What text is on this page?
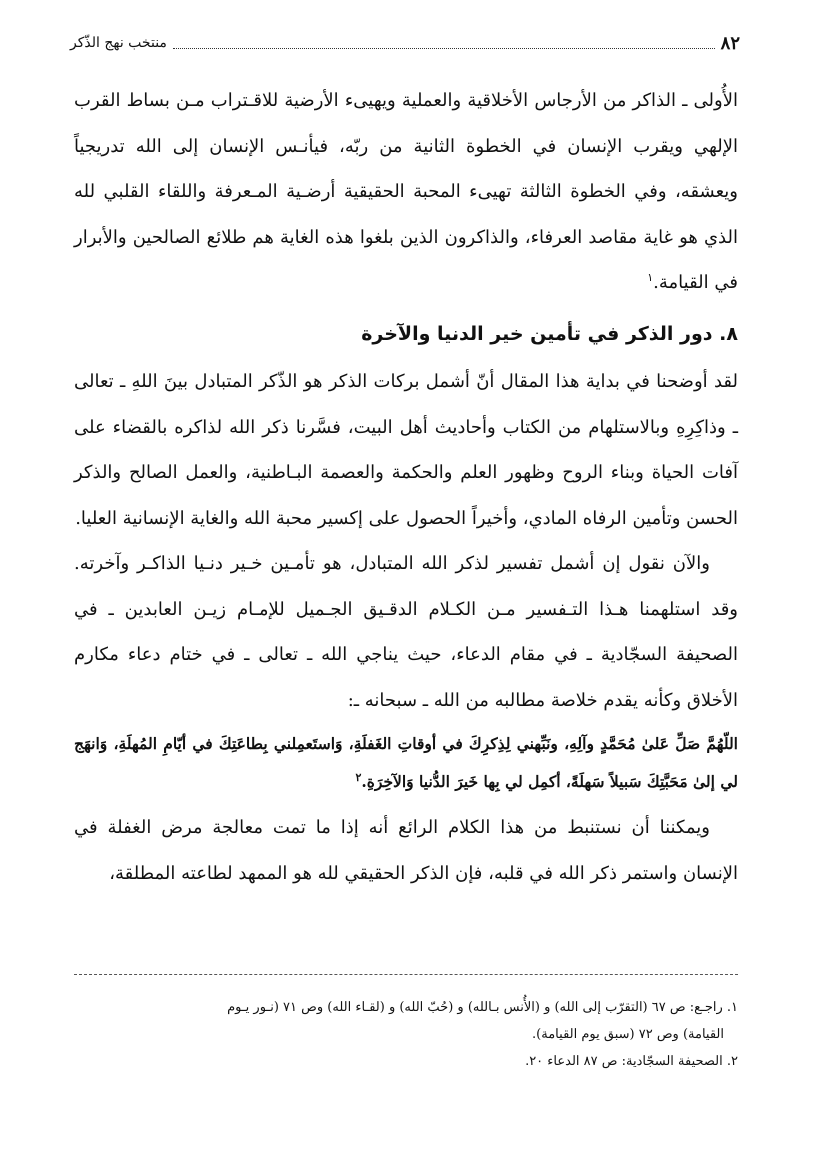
٨٢
منتخب نهج الذّكر

الأُولى ـ الذاكر من الأرجاس الأخلاقية والعملية ويهيىء الأرضية للاقـتراب مـن بساط القرب الإلهي ويقرب الإنسان في الخطوة الثانية من ربّه، فيأنـس الإنسان إلى الله تدريجياً ويعشقه، وفي الخطوة الثالثة تهيىء المحبة الحقيقية أرضـية المـعرفة واللقاء القلبي لله الذي هو غاية مقاصد العرفاء، والذاكرون الذين بلغوا هذه الغاية هم طلائع الصالحين والأبرار في القيامة.$^١$

٨. دور الذكر في تأمين خير الدنيا والآخرة

لقد أوضحنا في بداية هذا المقال أنّ أشمل بركات الذكر هو الذّكر المتبادل بينَ اللهِ ـ تعالى ـ وذاكِرِهِ وبالاستلهام من الكتاب وأحاديث أهل البيت، فسَّرنا ذكر الله لذاكره بالقضاء على آفات الحياة وبناء الروح وظهور العلم والحكمة والعصمة البـاطنية، والعمل الصالح والذكر الحسن وتأمين الرفاه المادي، وأخيراً الحصول على إكسير محبة الله والغاية الإنسانية العليا.

والآن نقول إن أشمل تفسير لذكر الله المتبادل، هو تأمـين خـير دنـيا الذاكـر وآخرته. وقد استلهمنا هـذا التـفسير مـن الكـلام الدقـيق الجـميل للإمـام زيـن العابدين ـ في الصحيفة السجّادية ـ في مقام الدعاء، حيث يناجي الله ـ تعالى ـ في ختام دعاء مكارم الأخلاق وكأنه يقدم خلاصة مطالبه من الله ـ سبحانه ـ:

اللّهُمَّ صَلِّ عَلىٰ مُحَمَّدٍ وآلِهِ، ونَبِّهني لِذِكرِكَ في أوقاتِ الغَفلَةِ، وَاستَعمِلني بِطاعَتِكَ في أيّامِ المُهلَةِ، وَانهَج لي إلىٰ مَحَبَّتِكَ سَبيلاً سَهلَةً، أكمِل لي بِها خَيرَ الدُّنيا وَالآخِرَةِ.$^٢$

ويمكننا أن نستنبط من هذا الكلام الرائع أنه إذا ما تمت معالجة مرض الغفلة في الإنسان واستمر ذكر الله في قلبه، فإن الذكر الحقيقي لله هو الممهد لطاعته المطلقة،

١. راجـع: ص ٦٧ (التقرّب إلى الله) و (الأُنس بـالله) و (حُبّ الله) و (لقـاء الله) وص ٧١ (نـور يـوم

القيامة) وص ٧٢ (سبق يوم القيامة).

٢. الصحيفة السجّادية: ص ٨٧ الدعاء ٢٠.
